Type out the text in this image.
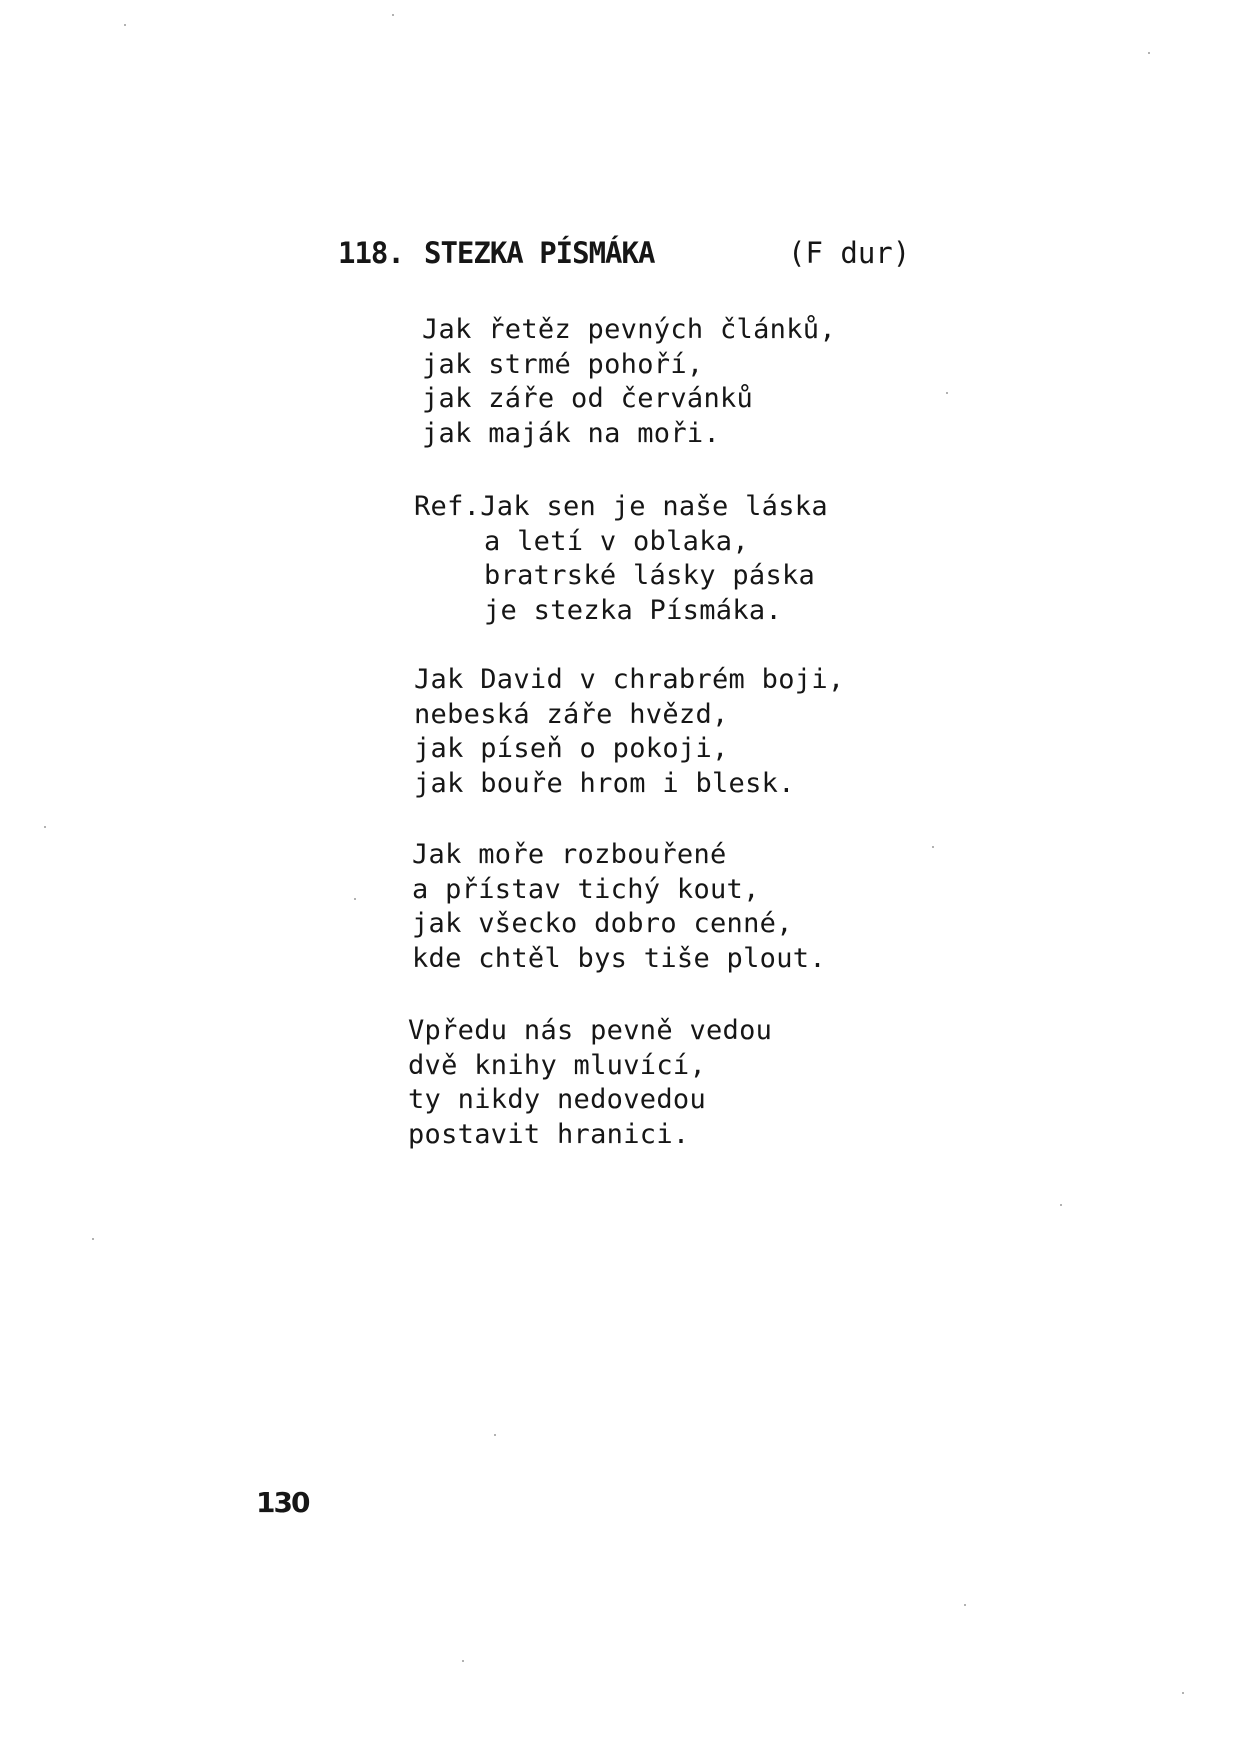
118. STEZKA PÍSMÁKA	(F dur)
Jak řetěz pevných článků,
jak strmé pohoří,
jak záře od červánků
jak maják na moři.
Ref.Jak sen je naše láska
a letí v oblaka,
bratrské lásky páska
je stezka Písmáka.
Jak David v chrabrém boji,
nebeská záře hvězd,
jak píseň o pokoji,
jak bouře hrom i blesk.
Jak moře rozbouřené
a přístav tichý kout,
jak všecko dobro cenné,
kde chtěl bys tiše plout.
Vpředu nás pevně vedou
dvě knihy mluvící,
ty nikdy nedovedou
postavit hranici.
130
